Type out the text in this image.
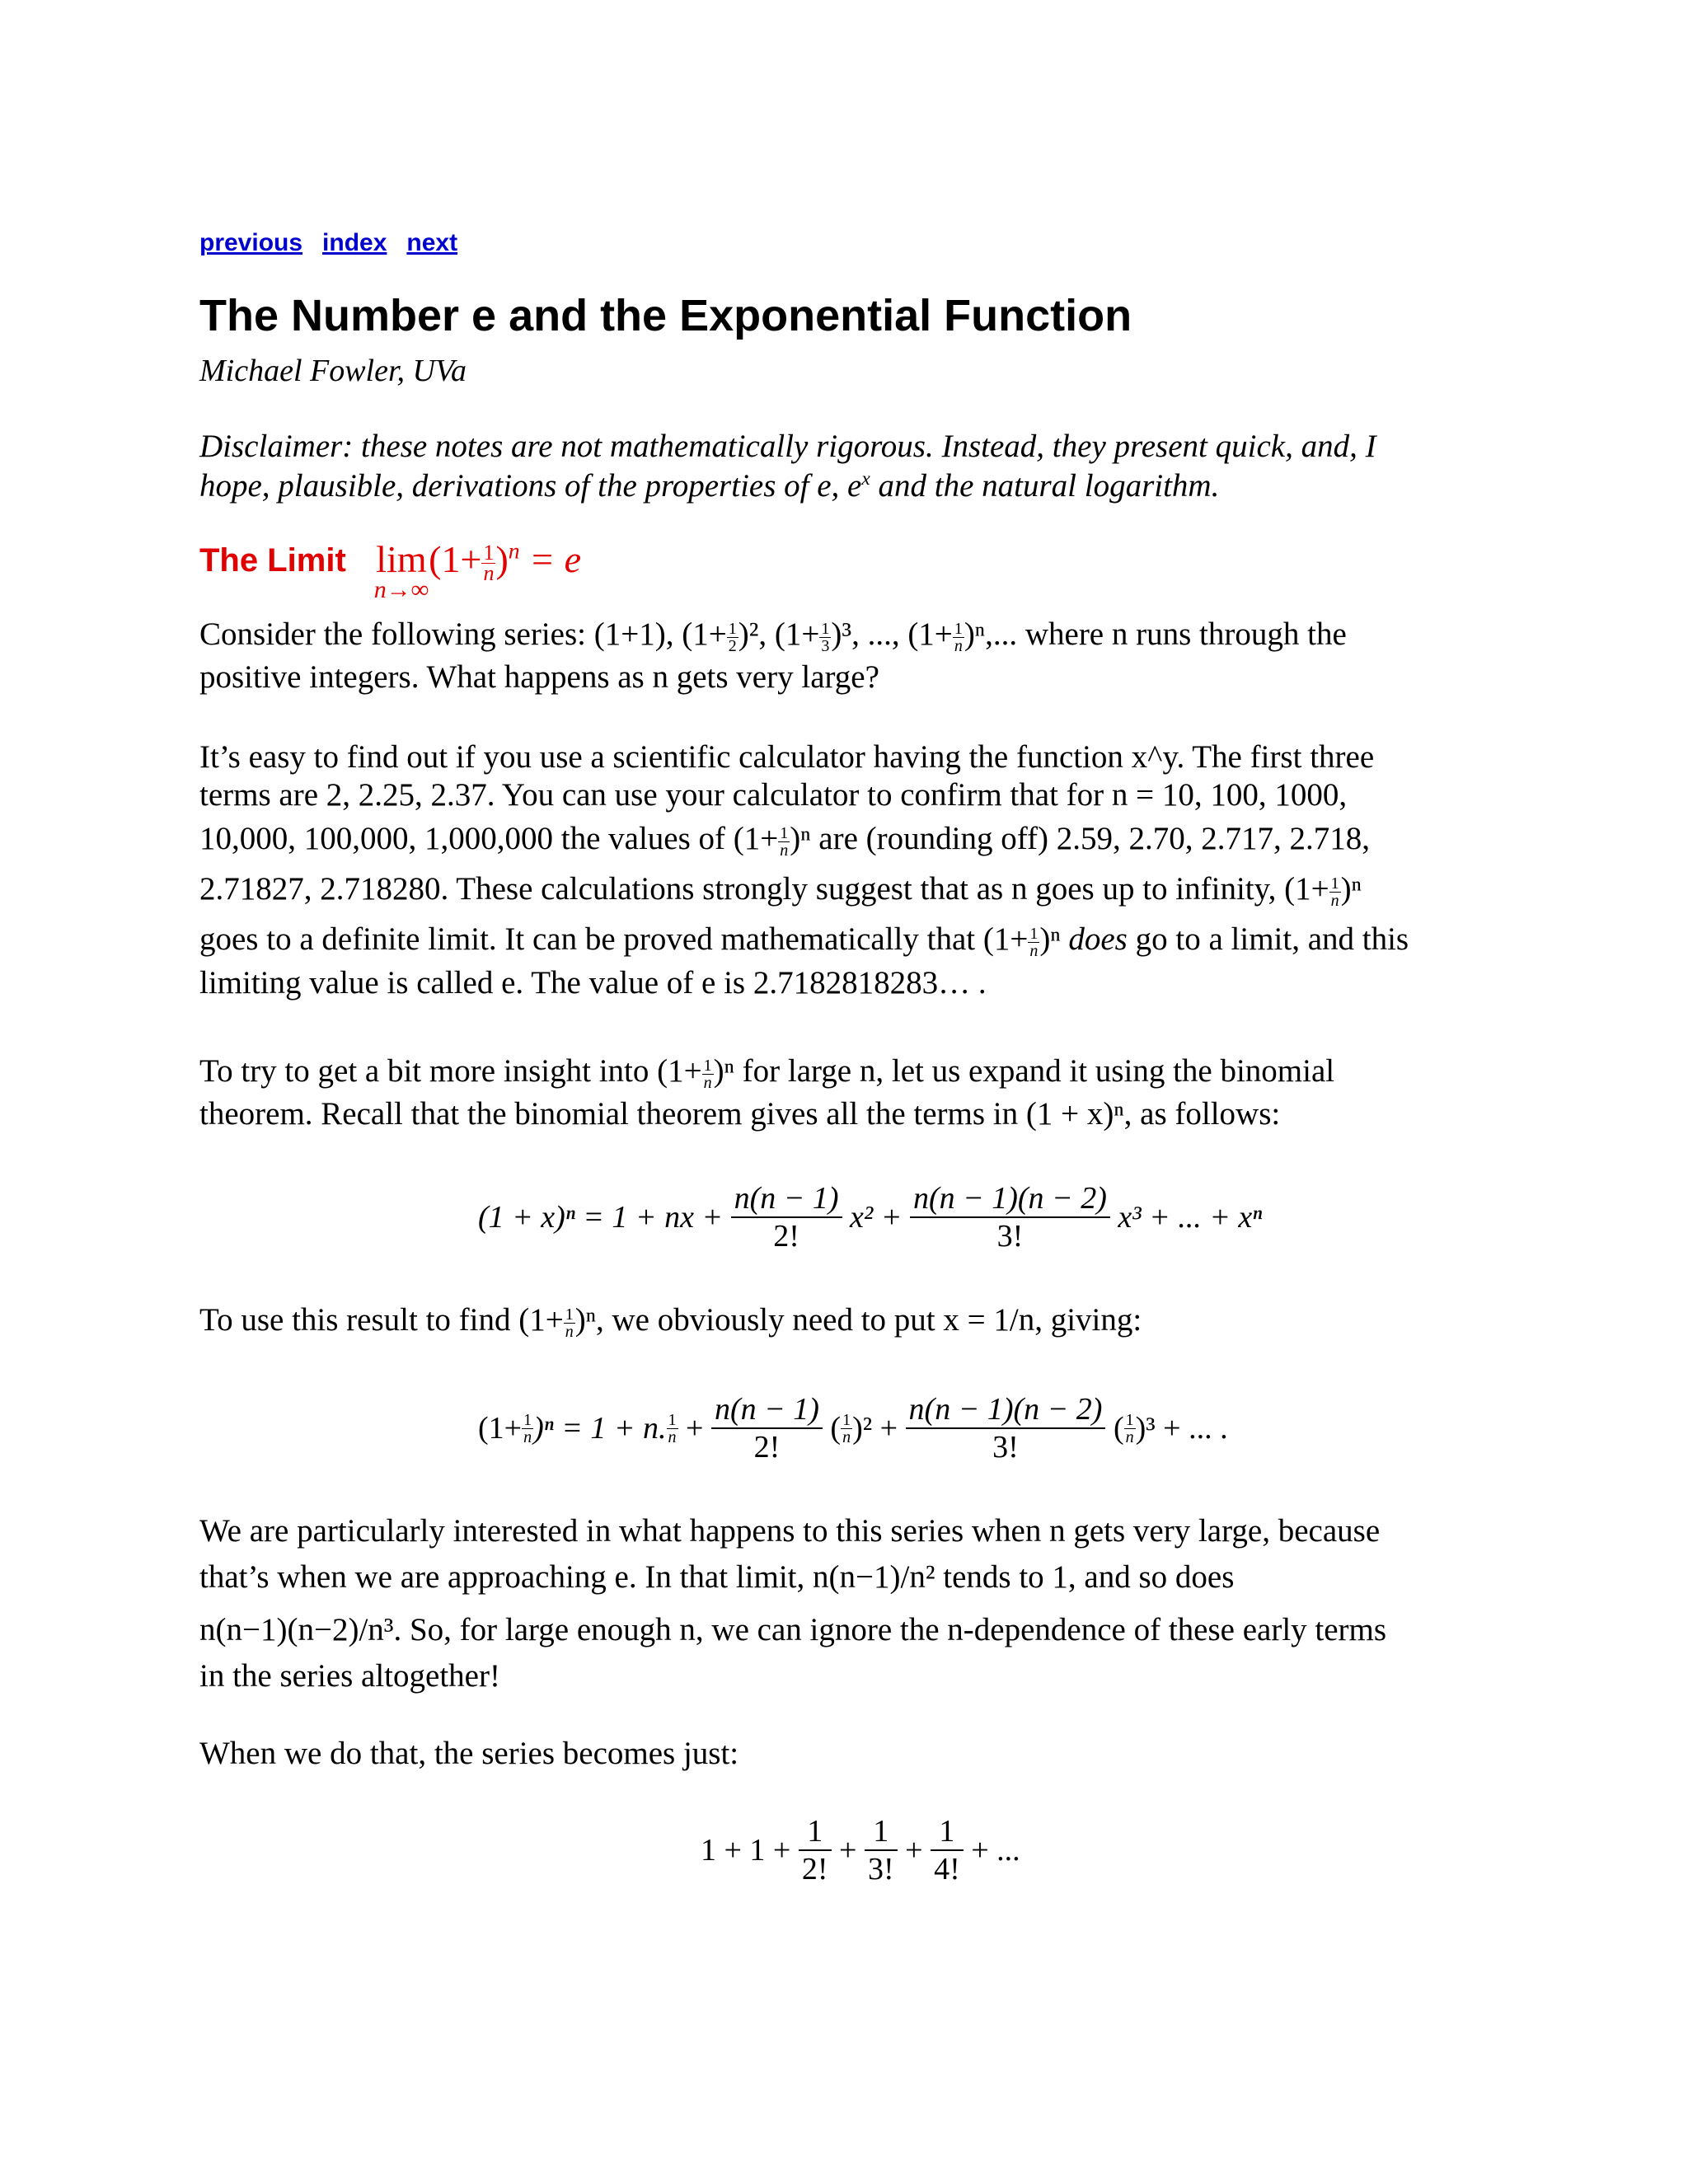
previous index next
The Number e and the Exponential Function
Michael Fowler, UVa
Disclaimer: these notes are not mathematically rigorous. Instead, they present quick, and, I
hope, plausible, derivations of the properties of e, $e^x$ and the natural logarithm.
The Limit lim
n→∞
$(1+ \frac{1}{n} )^n = e$
Consider the following series: (1+1), $(1+ \frac{1}{2} )^2$, $(1+ \frac{1}{3} )^3$, ..., $(1+ \frac{1}{n} )^n$,... where n runs through the
positive integers. What happens as n gets very large?
It’s easy to find out if you use a scientific calculator having the function x^y. The first three
terms are 2, 2.25, 2.37. You can use your calculator to confirm that for n = 10, 100, 1000,
10,000, 100,000, 1,000,000 the values of $(1+ \frac{1}{n} )^n$ are (rounding off) 2.59, 2.70, 2.717, 2.718,
2.71827, 2.718280. These calculations strongly suggest that as n goes up to infinity, $(1+ \frac{1}{n} )^n$
goes to a definite limit. It can be proved mathematically that $(1+ \frac{1}{n} )^n$ does go to a limit, and this
limiting value is called e. The value of e is 2.7182818283… .
To try to get a bit more insight into $(1+ \frac{1}{n} )^n$ for large n, let us expand it using the binomial
theorem. Recall that the binomial theorem gives all the terms in (1 + x)ⁿ, as follows:
(1 + x)ⁿ = 1 + nx + $\frac{n(n - 1)}{2!} x^2 + \frac{n(n - 1)(n - 2)}{3!} x^3$ + ... + xⁿ
To use this result to find $(1+ \frac{1}{n} )^n$, we obviously need to put x = 1/n, giving:
$(1+ \frac{1}{n} )^n = 1 + n$. $\frac{1}{n} + \frac{n(n - 1)}{2!}$ ( $\frac{1}{n} )^2 + \frac{n(n - 1)(n - 2)}{3!}$ ( $\frac{1}{n} )^3$ + ... .
We are particularly interested in what happens to this series when n gets very large, because
that’s when we are approaching e. In that limit, n(n−1)/n² tends to 1, and so does
n(n−1)(n−2)/n³. So, for large enough n, we can ignore the n-dependence of these early terms
in the series altogether!
When we do that, the series becomes just:
$1 + 1 + \frac{1}{2!} + \frac{1}{3!} + \frac{1}{4!}$ + ...
